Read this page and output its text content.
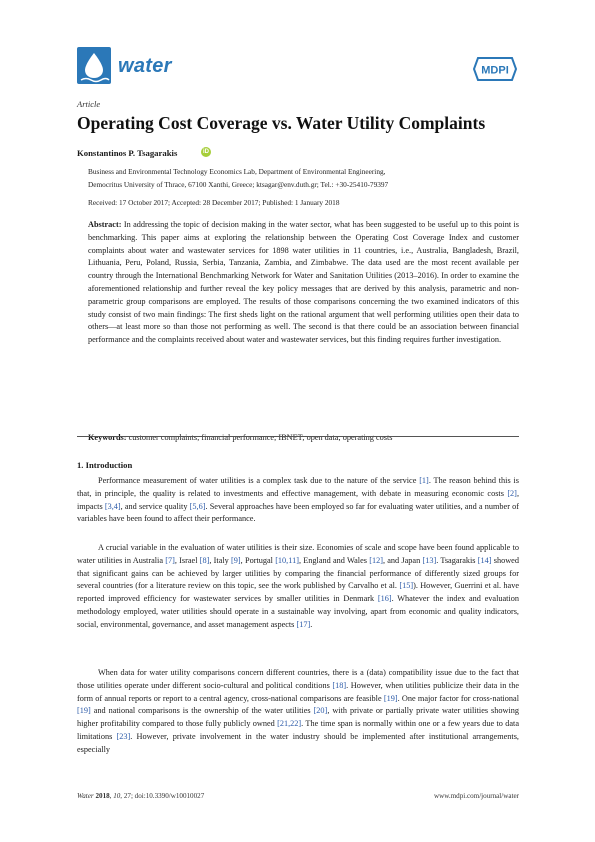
water	MDPI
Article
Operating Cost Coverage vs. Water Utility Complaints
Konstantinos P. Tsagarakis	iD
Business and Environmental Technology Economics Lab, Department of Environmental Engineering,
Democritus University of Thrace, 67100 Xanthi, Greece; ktsagar@env.duth.gr; Tel.: +30-25410-79397
Received: 17 October 2017; Accepted: 28 December 2017; Published: 1 January 2018
Abstract: In addressing the topic of decision making in the water sector, what has been suggested to be useful up to this point is benchmarking. This paper aims at exploring the relationship between the Operating Cost Coverage Index and customer complaints about water and wastewater services for 1898 water utilities in 11 countries, i.e., Australia, Bangladesh, Brazil, Lithuania, Peru, Poland, Russia, Serbia, Tanzania, Zambia, and Zimbabwe. The data used are the most recent available per country through the International Benchmarking Network for Water and Sanitation Utilities (2013–2016). In order to examine the aforementioned relationship and further reveal the key policy messages that are derived by this analysis, parametric and non-parametric group comparisons are employed. The results of those comparisons concerning the two examined indicators of this study consist of two main findings: The first sheds light on the rational argument that well performing utilities open their data to others—at least more so than those not performing as well. The second is that there could be an association between financial performance and the complaints received about water and wastewater services, but this finding requires further investigation.
Keywords: customer complaints; financial performance; IBNET; open data; operating costs
1. Introduction

Performance measurement of water utilities is a complex task due to the nature of the service [1]. The reason behind this is that, in principle, the quality is related to investments and effective management, with debate in measuring economic costs [2], impacts [3,4], and service quality [5,6]. Several approaches have been employed so far for evaluating water utilities, and a number of variables have been found to affect their performance.

A crucial variable in the evaluation of water utilities is their size. Economies of scale and scope have been found applicable to water utilities in Australia [7], Israel [8], Italy [9], Portugal [10,11], England and Wales [12], and Japan [13]. Tsagarakis [14] showed that significant gains can be achieved by larger utilities by comparing the financial performance of differently sized groups for several countries (for a literature review on this topic, see the work published by Carvalho et al. [15]). However, Guerrini et al. have reported improved efficiency for wastewater services by smaller utilities in Denmark [16]. Whatever the index and evaluation methodology employed, water utilities should operate in a sustainable way involving, apart from economic and quality indicators, social, environmental, governance, and asset management aspects [17].

When data for water utility comparisons concern different countries, there is a (data) compatibility issue due to the fact that those utilities operate under different socio-cultural and political conditions [18]. However, when utilities publicize their data in the form of annual reports or report to a central agency, cross-national comparisons are feasible [19]. One major factor for cross-national [19] and national comparisons is the ownership of the water utilities [20], with private or partially private water utilities showing higher profitability compared to those fully publicly owned [21,22]. The time span is normally within one or a few years due to data limitations [23]. However, private involvement in the water industry should be implemented after institutional arrangements, especially

Water 2018, 10, 27; doi:10.3390/w10010027	www.mdpi.com/journal/water
